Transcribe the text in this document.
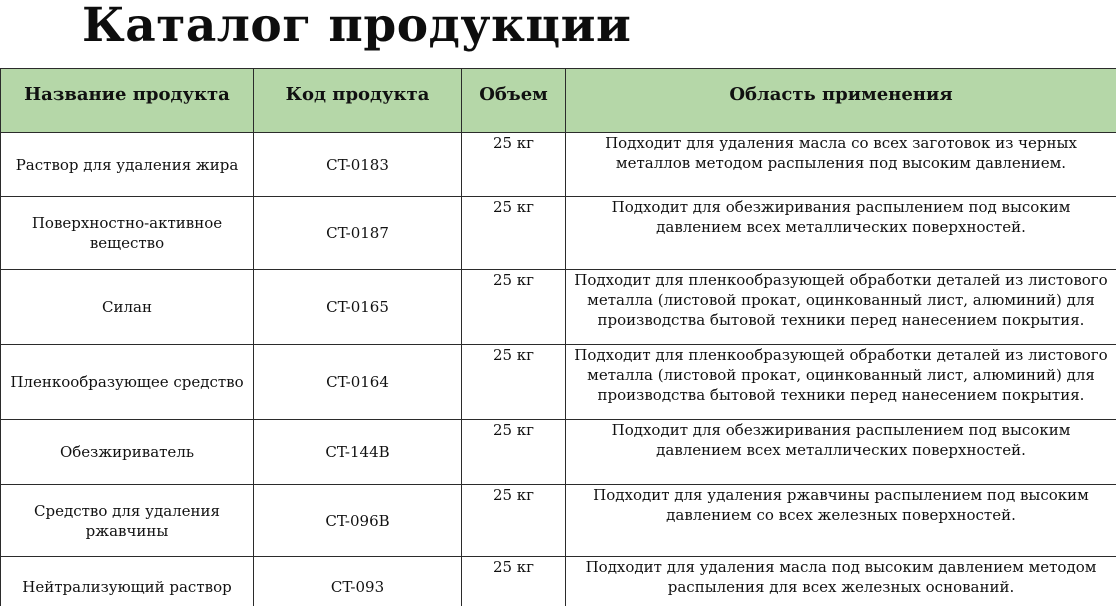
Каталог продукции
Название продукта	Код продукта	Объем	Область применения
Раствор для удаления жира	CT-0183	25 кг	Подходит для удаления масла со всех заготовок из черных металлов методом распыления под высоким давлением.
Поверхностно-активное вещество	CT-0187	25 кг	Подходит для обезжиривания распылением под высоким давлением всех металлических поверхностей.
Силан	CT-0165	25 кг	Подходит для пленкообразующей обработки деталей из листового металла (листовой прокат, оцинкованный лист, алюминий) для производства бытовой техники перед нанесением покрытия.
Пленкообразующее средство	CT-0164	25 кг	Подходит для пленкообразующей обработки деталей из листового металла (листовой прокат, оцинкованный лист, алюминий) для производства бытовой техники перед нанесением покрытия.
Обезжириватель	CT-144B	25 кг	Подходит для обезжиривания распылением под высоким давлением всех металлических поверхностей.
Средство для удаления ржавчины	CT-096B	25 кг	Подходит для удаления ржавчины распылением под высоким давлением со всех железных поверхностей.
Нейтрализующий раствор	CT-093	25 кг	Подходит для удаления масла под высоким давлением методом распыления для всех железных оснований.
